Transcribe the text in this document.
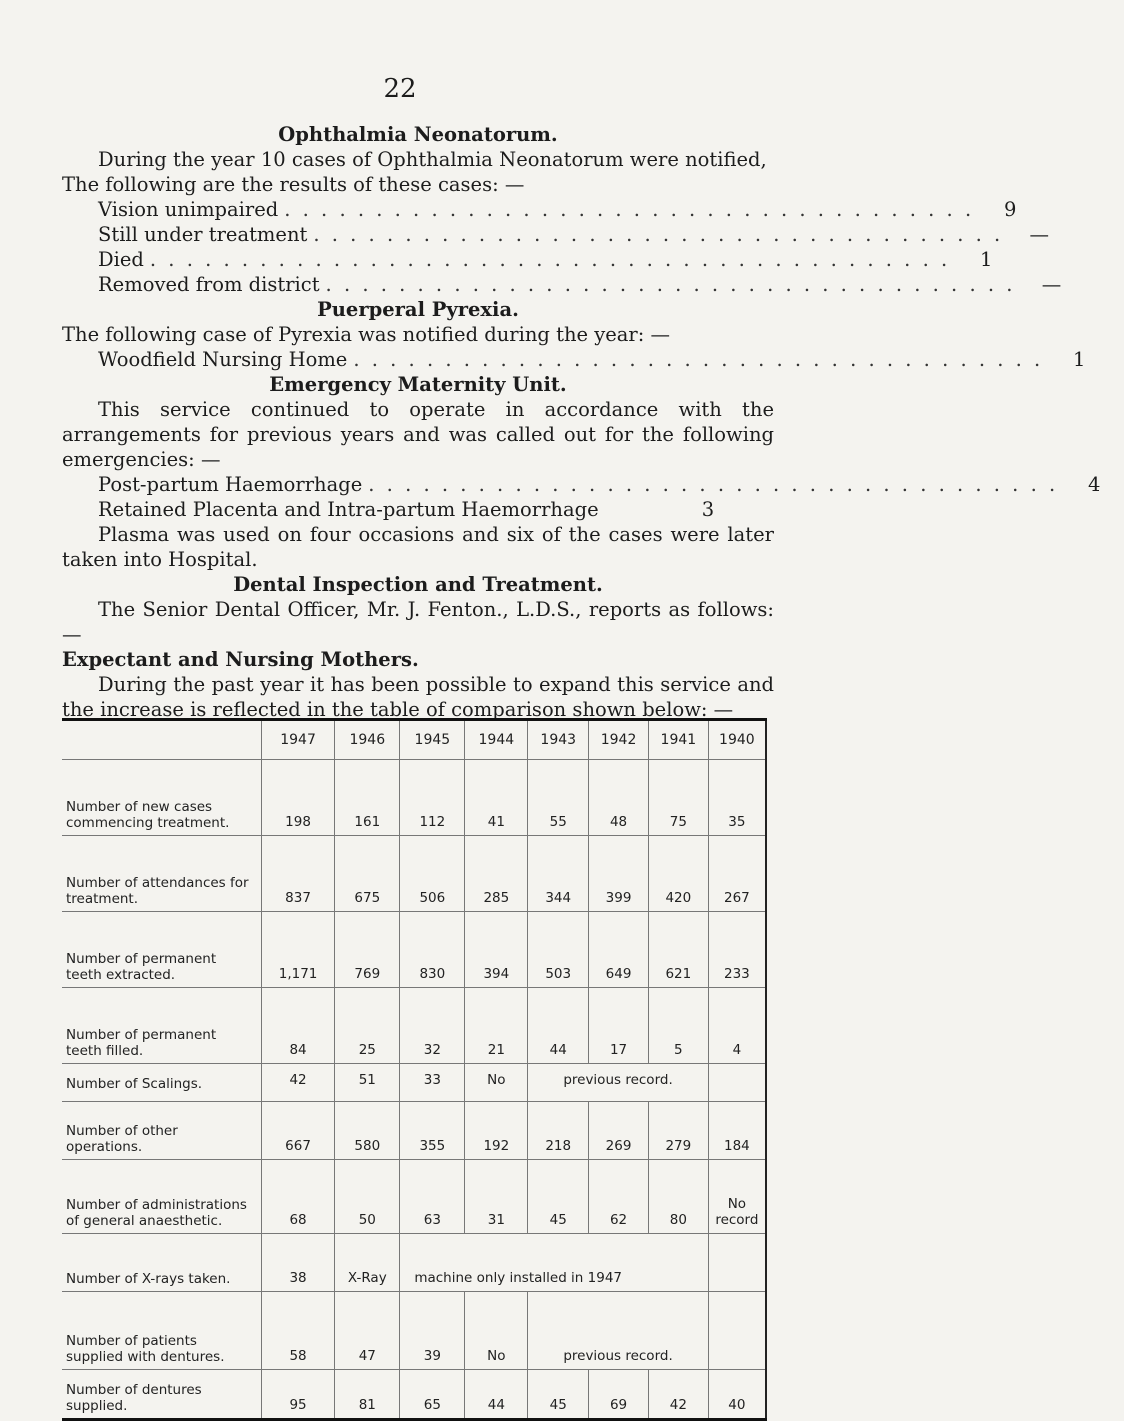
22

Ophthalmia Neonatorum.

During the year 10 cases of Ophthalmia Neonatorum were notified,

The following are the results of these cases: —

Vision unimpaired . . . . . . . . . . . . . . . . . . . . . . . . . . . . . . . . . . . . . .	9
Still under treatment . . . . . . . . . . . . . . . . . . . . . . . . . . . . . . . . . . . . . .	—
Died . . . . . . . . . . . . . . . . . . . . . . . . . . . . . . . . . . . . . . . . . . . .	1
Removed from district . . . . . . . . . . . . . . . . . . . . . . . . . . . . . . . . . . . . . .	—

Puerperal Pyrexia.

The following case of Pyrexia was notified during the year: —

Woodfield Nursing Home . . . . . . . . . . . . . . . . . . . . . . . . . . . . . . . . . . . . . .	1

Emergency Maternity Unit.

This service continued to operate in accordance with the arrangements for previous years and was called out for the following emergencies: —

Post-partum Haemorrhage . . . . . . . . . . . . . . . . . . . . . . . . . . . . . . . . . . . . . .	4
Retained Placenta and Intra-partum Haemorrhage	3

Plasma was used on four occasions and six of the cases were later taken into Hospital.

Dental Inspection and Treatment.

The Senior Dental Officer, Mr. J. Fenton., L.D.S., reports as follows: —

Expectant and Nursing Mothers.

During the past year it has been possible to expand this service and the increase is reflected in the table of comparison shown below: —

	1947	1946	1945	1944	1943	1942	1941	1940
Number of new cases commencing treatment.	198	161	112	41	55	48	75	35
Number of attendances for treatment.	837	675	506	285	344	399	420	267
Number of permanent teeth extracted.	1,171	769	830	394	503	649	621	233
Number of permanent teeth filled.	84	25	32	21	44	17	5	4
Number of Scalings.	42	51	33	No	previous record.			
Number of other operations.	667	580	355	192	218	269	279	184
Number of administrations of general anaesthetic.	68	50	63	31	45	62	80	No record
Number of X-rays taken.	38	X-Ray	machine only installed in 1947					
Number of patients supplied with dentures.	58	47	39	No	previous record.			
Number of dentures supplied.	95	81	65	44	45	69	42	40
